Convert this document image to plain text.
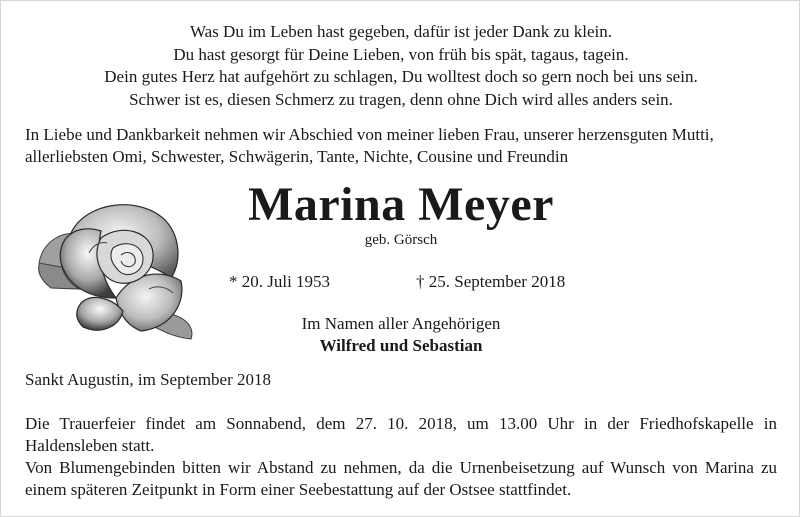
Was Du im Leben hast gegeben, dafür ist jeder Dank zu klein.
Du hast gesorgt für Deine Lieben, von früh bis spät, tagaus, tagein.
Dein gutes Herz hat aufgehört zu schlagen, Du wolltest doch so gern noch bei uns sein.
Schwer ist es, diesen Schmerz zu tragen, denn ohne Dich wird alles anders sein.
In Liebe und Dankbarkeit nehmen wir Abschied von meiner lieben Frau, unserer herzensguten Mutti,
allerliebsten Omi, Schwester, Schwägerin, Tante, Nichte, Cousine und Freundin
Marina Meyer
geb. Görsch
* 20. Juli 1953	† 25. September 2018
Im Namen aller Angehörigen
Wilfred und Sebastian
Sankt Augustin, im September 2018
Die Trauerfeier findet am Sonnabend, dem 27. 10. 2018, um 13.00 Uhr in der Friedhofskapelle in Haldensleben statt.
Von Blumengebinden bitten wir Abstand zu nehmen, da die Urnenbeisetzung auf Wunsch von Marina zu einem späteren Zeitpunkt in Form einer Seebestattung auf der Ostsee stattfindet.
